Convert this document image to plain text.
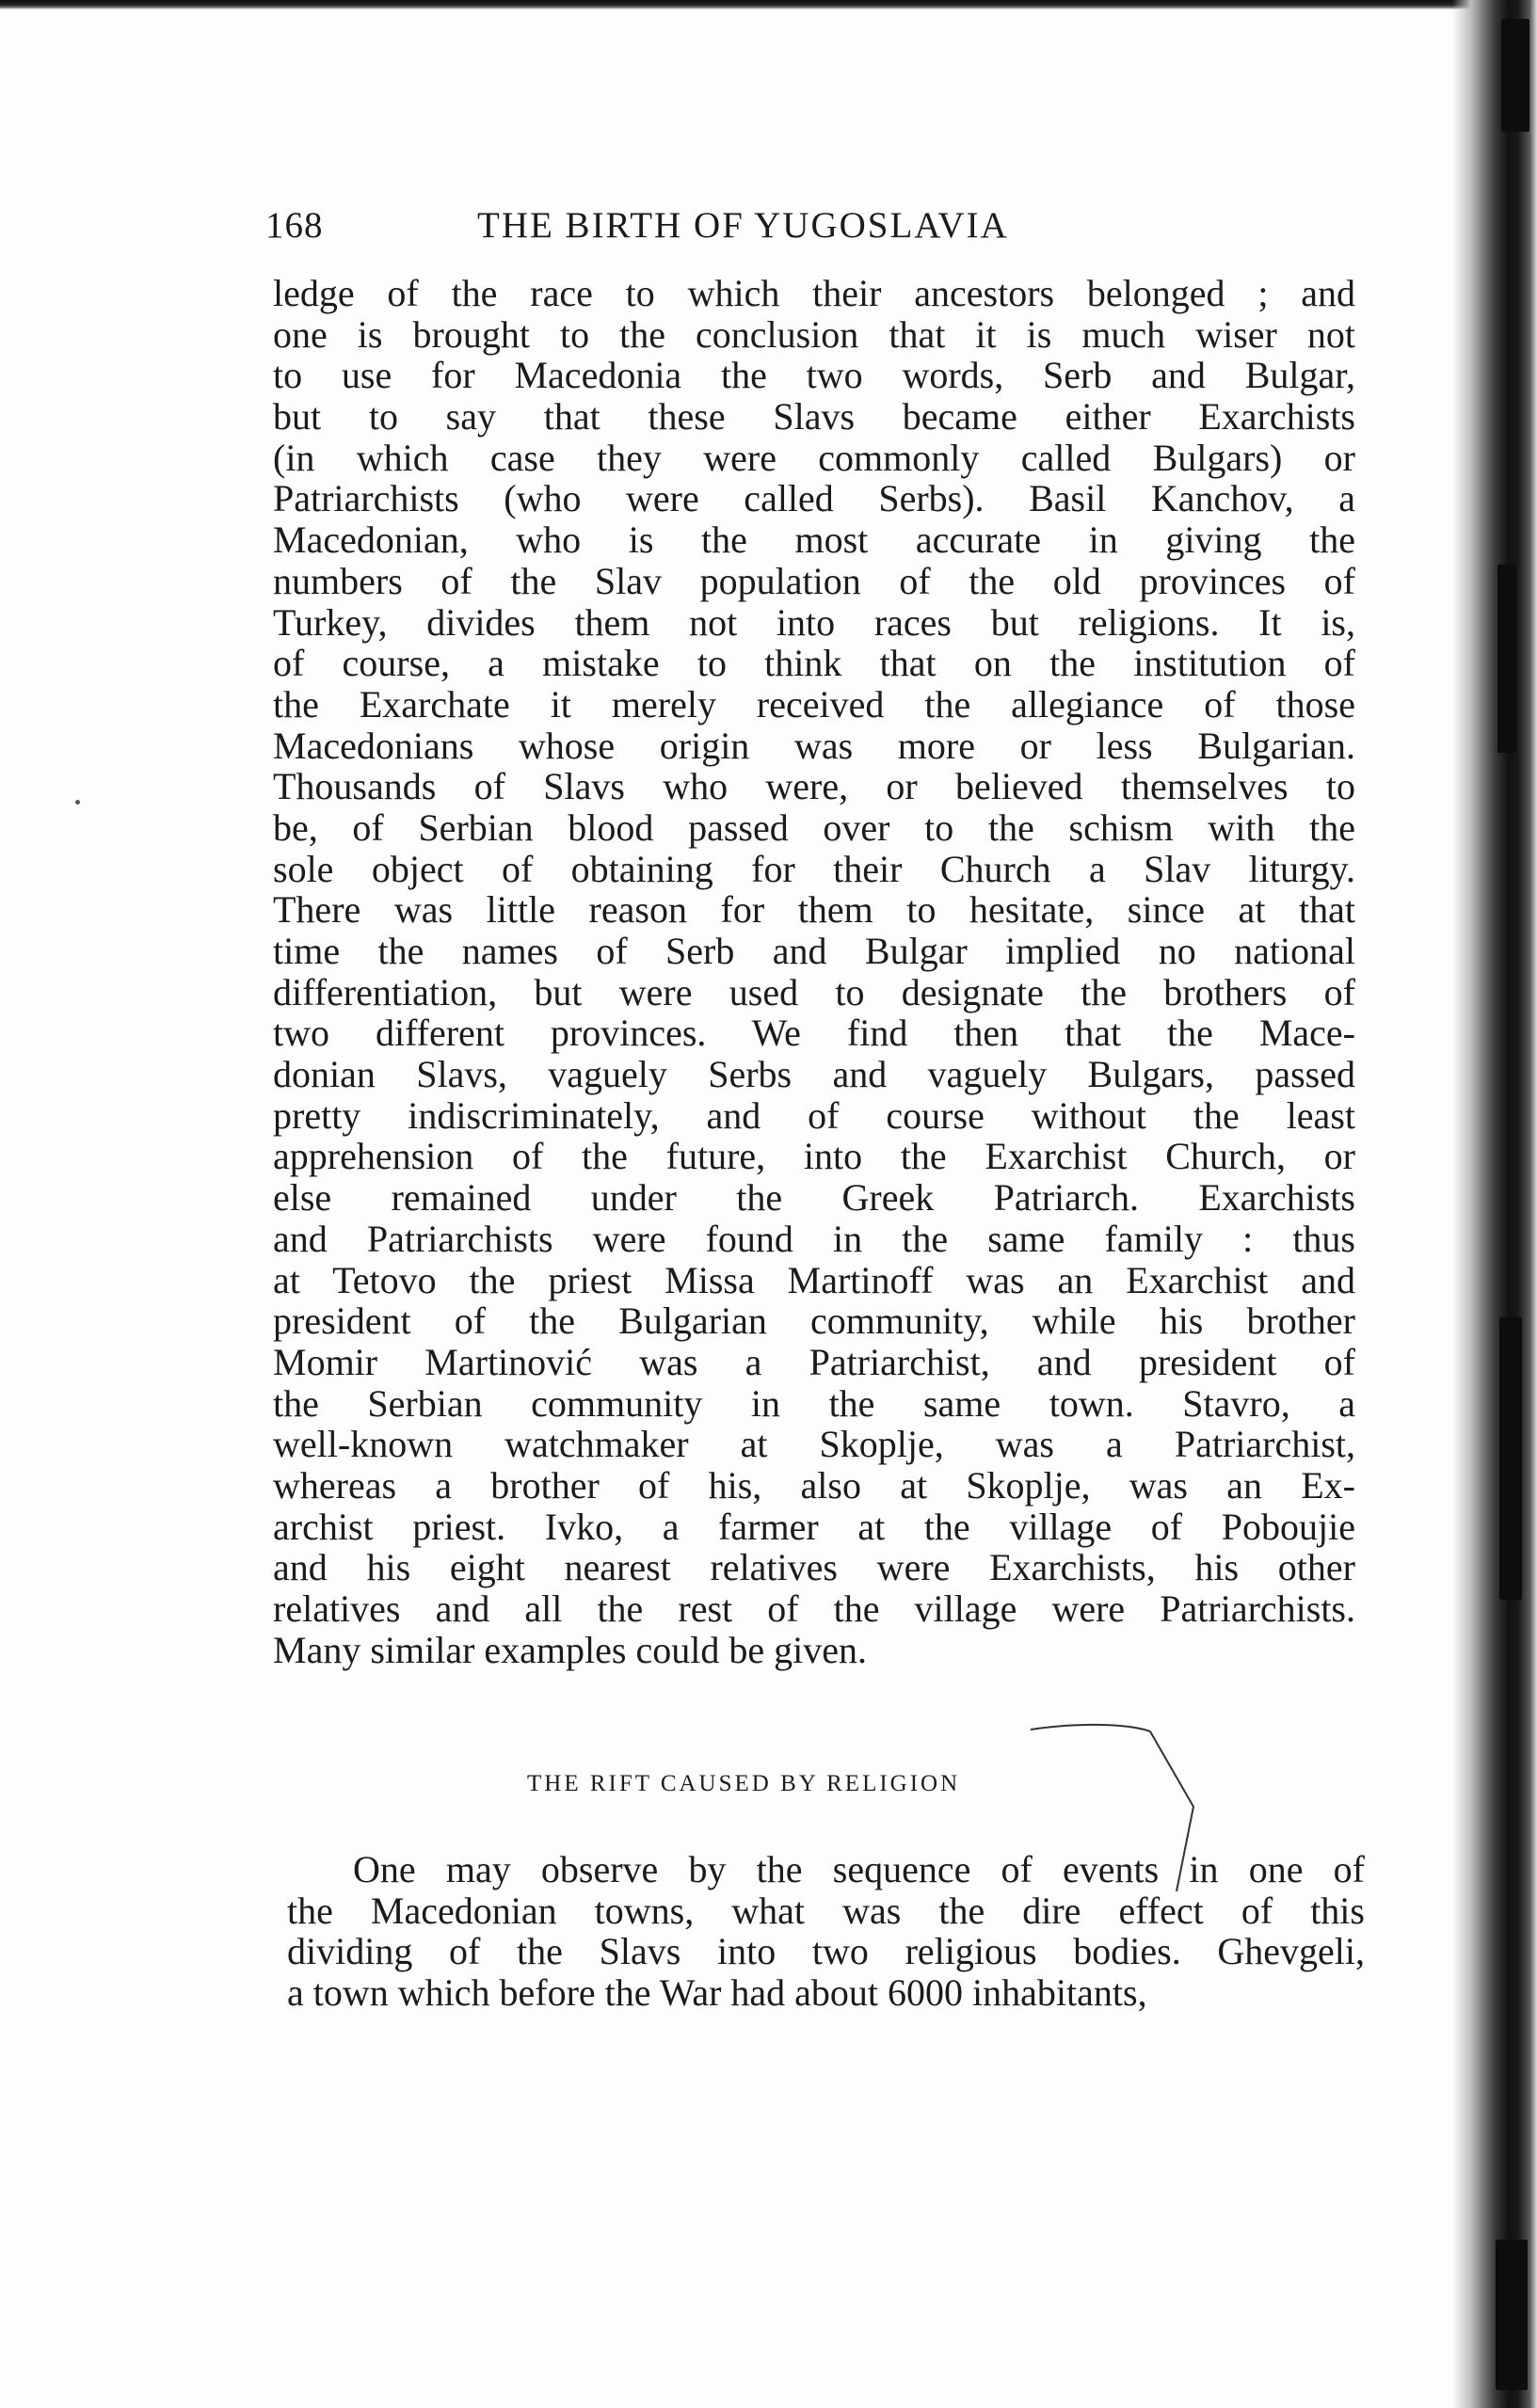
168	THE BIRTH OF YUGOSLAVIA
ledge of the race to which their ancestors belonged ; and
one is brought to the conclusion that it is much wiser not
to use for Macedonia the two words, Serb and Bulgar,
but to say that these Slavs became either Exarchists
(in which case they were commonly called Bulgars) or
Patriarchists (who were called Serbs). Basil Kanchov, a
Macedonian, who is the most accurate in giving the
numbers of the Slav population of the old provinces of
Turkey, divides them not into races but religions. It is,
of course, a mistake to think that on the institution of
the Exarchate it merely received the allegiance of those
Macedonians whose origin was more or less Bulgarian.
Thousands of Slavs who were, or believed themselves to
be, of Serbian blood passed over to the schism with the
sole object of obtaining for their Church a Slav liturgy.
There was little reason for them to hesitate, since at that
time the names of Serb and Bulgar implied no national
differentiation, but were used to designate the brothers of
two different provinces. We find then that the Mace-
donian Slavs, vaguely Serbs and vaguely Bulgars, passed
pretty indiscriminately, and of course without the least
apprehension of the future, into the Exarchist Church, or
else remained under the Greek Patriarch. Exarchists
and Patriarchists were found in the same family : thus
at Tetovo the priest Missa Martinoff was an Exarchist and
president of the Bulgarian community, while his brother
Momir Martinović was a Patriarchist, and president of
the Serbian community in the same town. Stavro, a
well-known watchmaker at Skoplje, was a Patriarchist,
whereas a brother of his, also at Skoplje, was an Ex-
archist priest. Ivko, a farmer at the village of Poboujie
and his eight nearest relatives were Exarchists, his other
relatives and all the rest of the village were Patriarchists.
Many similar examples could be given.
THE RIFT CAUSED BY RELIGION
One may observe by the sequence of events in one of
the Macedonian towns, what was the dire effect of this
dividing of the Slavs into two religious bodies. Ghevgeli,
a town which before the War had about 6000 inhabitants,
